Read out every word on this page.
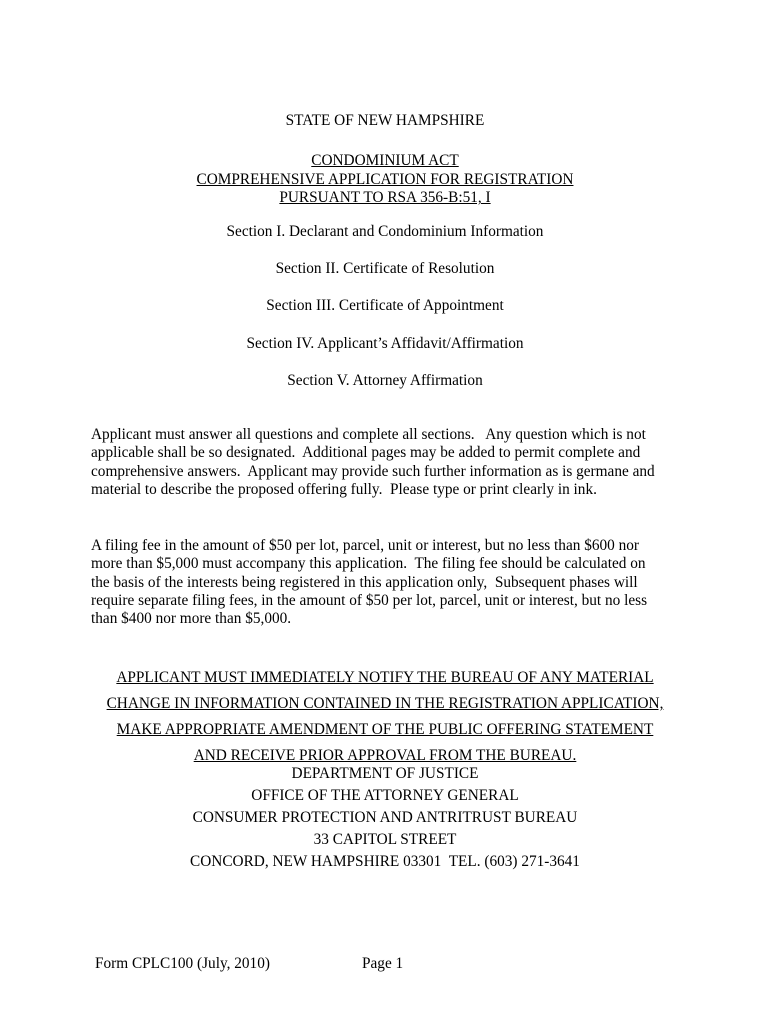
STATE OF NEW HAMPSHIRE
CONDOMINIUM ACT
COMPREHENSIVE APPLICATION FOR REGISTRATION
PURSUANT TO RSA 356-B:51, I
Section I. Declarant and Condominium Information
Section II. Certificate of Resolution
Section III. Certificate of Appointment
Section IV. Applicant’s Affidavit/Affirmation
Section V. Attorney Affirmation
Applicant must answer all questions and complete all sections.   Any question which is not
applicable shall be so designated.  Additional pages may be added to permit complete and
comprehensive answers.  Applicant may provide such further information as is germane and
material to describe the proposed offering fully.  Please type or print clearly in ink.
A filing fee in the amount of $50 per lot, parcel, unit or interest, but no less than $600 nor
more than $5,000 must accompany this application.  The filing fee should be calculated on
the basis of the interests being registered in this application only,  Subsequent phases will
require separate filing fees, in the amount of $50 per lot, parcel, unit or interest, but no less
than $400 nor more than $5,000.
APPLICANT MUST IMMEDIATELY NOTIFY THE BUREAU OF ANY MATERIAL
CHANGE IN INFORMATION CONTAINED IN THE REGISTRATION APPLICATION,
MAKE APPROPRIATE AMENDMENT OF THE PUBLIC OFFERING STATEMENT
AND RECEIVE PRIOR APPROVAL FROM THE BUREAU.
DEPARTMENT OF JUSTICE
OFFICE OF THE ATTORNEY GENERAL
CONSUMER PROTECTION AND ANTRITRUST BUREAU
33 CAPITOL STREET
CONCORD, NEW HAMPSHIRE 03301  TEL. (603) 271-3641
Form CPLC100 (July, 2010)	Page 1
